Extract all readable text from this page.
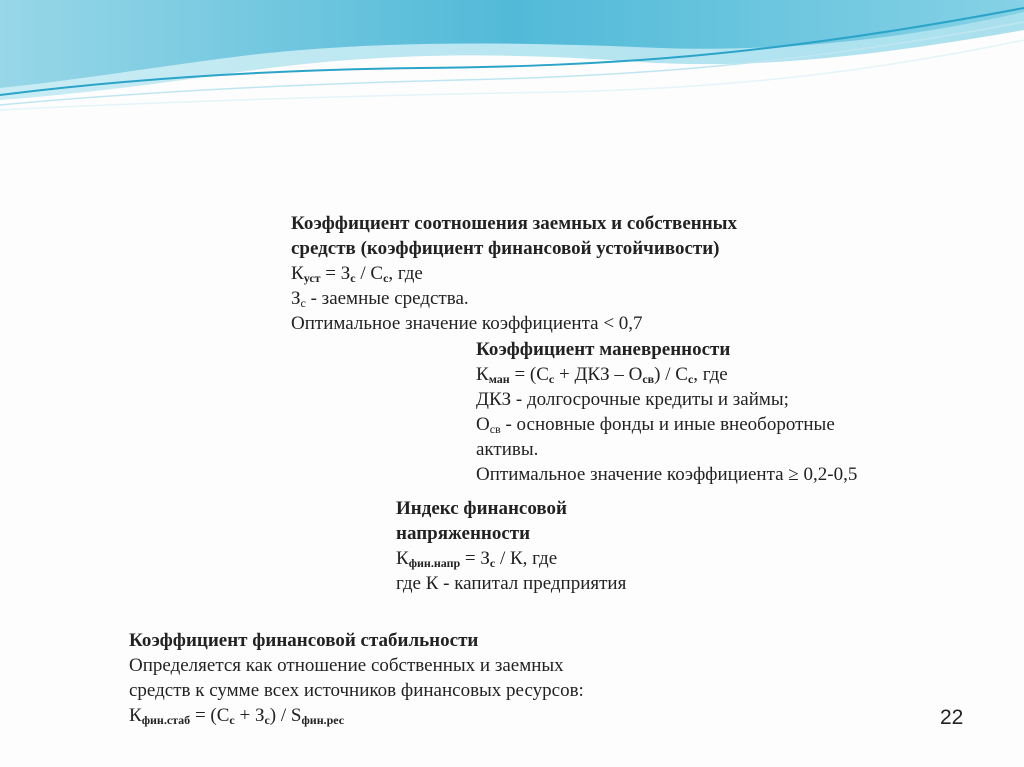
Коэффициент соотношения заемных и собственных
средств (коэффициент финансовой устойчивости)
$К_{уст} = З_с / С_с$, где
$З_с$ - заемные средства.
Оптимальное значение коэффициента < 0,7
Коэффициент маневренности
$К_{ман} = (С_с$ + ДКЗ – $О_{св}) / С_с$, где
ДКЗ - долгосрочные кредиты и займы;
$О_{св}$ - основные фонды и иные внеоборотные
активы.
Оптимальное значение коэффициента ≥ 0,2-0,5
Индекс финансовой
напряженности
$К_{фин.напр} = З_с / К$, где
где К - капитал предприятия
Коэффициент финансовой стабильности
Определяется как отношение собственных и заемных
средств к сумме всех источников финансовых ресурсов:
$К_{фин.стаб} = (С_с + З_с) / S_{фин.рес}$	22
